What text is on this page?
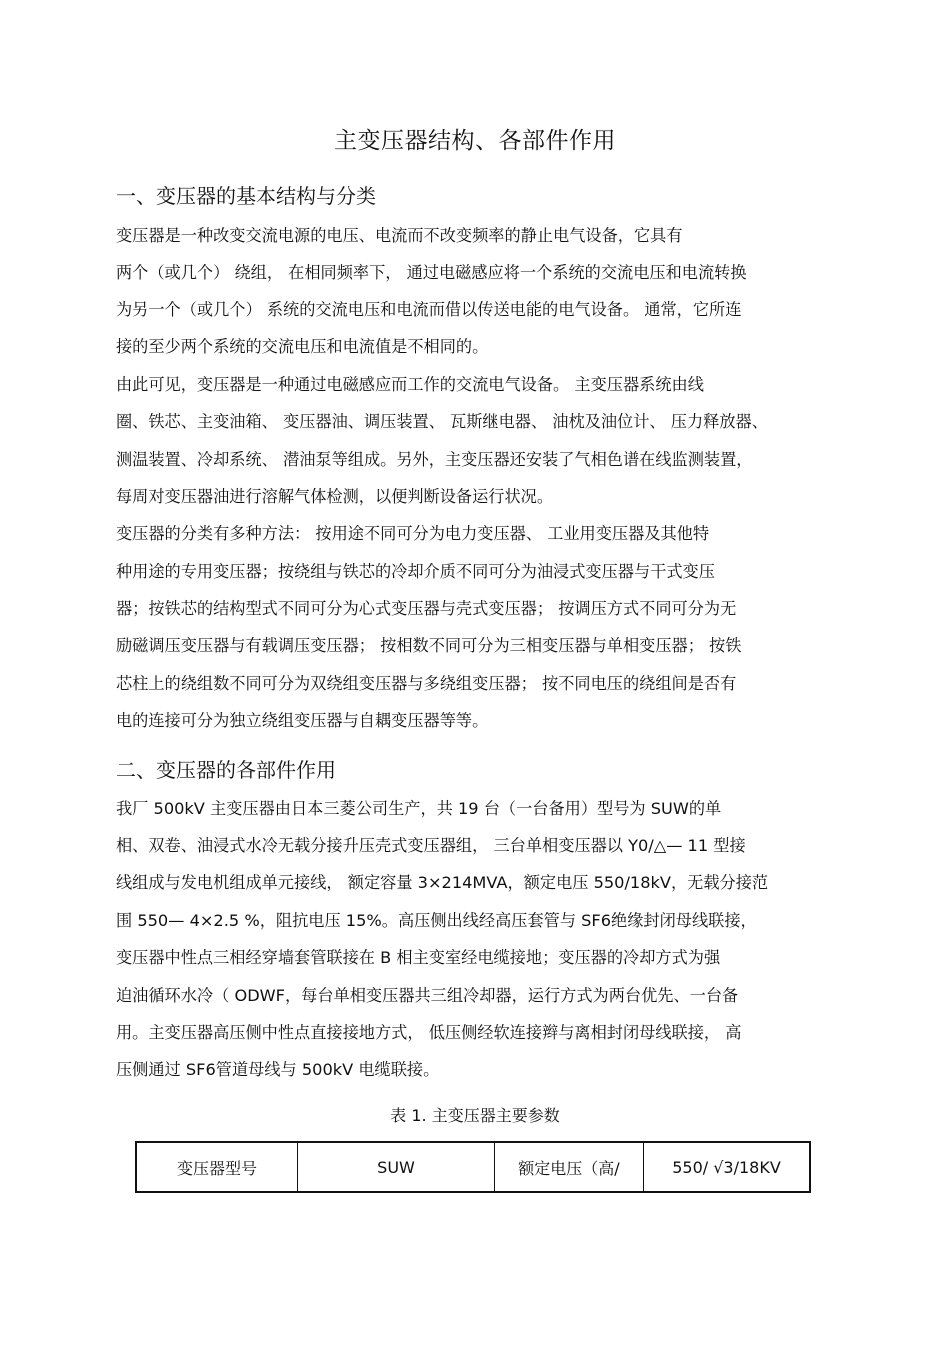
主变压器结构、各部件作用
一、变压器的基本结构与分类
变压器是一种改变交流电源的电压、电流而不改变频率的静止电气设备，它具有
两个（或几个） 绕组， 在相同频率下， 通过电磁感应将一个系统的交流电压和电流转换
为另一个（或几个） 系统的交流电压和电流而借以传送电能的电气设备。 通常，它所连
接的至少两个系统的交流电压和电流值是不相同的。
由此可见，变压器是一种通过电磁感应而工作的交流电气设备。 主变压器系统由线
圈、铁芯、主变油箱、 变压器油、调压装置、 瓦斯继电器、 油枕及油位计、 压力释放器、
测温装置、冷却系统、 潜油泵等组成。另外，主变压器还安装了气相色谱在线监测装置，
每周对变压器油进行溶解气体检测，以便判断设备运行状况。
变压器的分类有多种方法： 按用途不同可分为电力变压器、 工业用变压器及其他特
种用途的专用变压器；按绕组与铁芯的冷却介质不同可分为油浸式变压器与干式变压
器；按铁芯的结构型式不同可分为心式变压器与壳式变压器； 按调压方式不同可分为无
励磁调压变压器与有载调压变压器； 按相数不同可分为三相变压器与单相变压器； 按铁
芯柱上的绕组数不同可分为双绕组变压器与多绕组变压器； 按不同电压的绕组间是否有
电的连接可分为独立绕组变压器与自耦变压器等等。
二、变压器的各部件作用
我厂 500kV 主变压器由日本三菱公司生产，共 19 台（一台备用）型号为 SUW的单
相、双卷、油浸式水冷无载分接升压壳式变压器组， 三台单相变压器以 Y0/△— 11 型接
线组成与发电机组成单元接线， 额定容量 3×214MVA，额定电压 550/18kV，无载分接范
围 550— 4×2.5 %，阻抗电压 15%。高压侧出线经高压套管与 SF6绝缘封闭母线联接，
变压器中性点三相经穿墙套管联接在 B 相主变室经电缆接地；变压器的冷却方式为强
迫油循环水冷（ ODWF，每台单相变压器共三组冷却器，运行方式为两台优先、一台备
用。主变压器高压侧中性点直接接地方式， 低压侧经软连接辫与离相封闭母线联接， 高
压侧通过 SF6管道母线与 500kV 电缆联接。
表 1. 主变压器主要参数
变压器型号	SUW	额定电压（高/	550/ √3/18KV
